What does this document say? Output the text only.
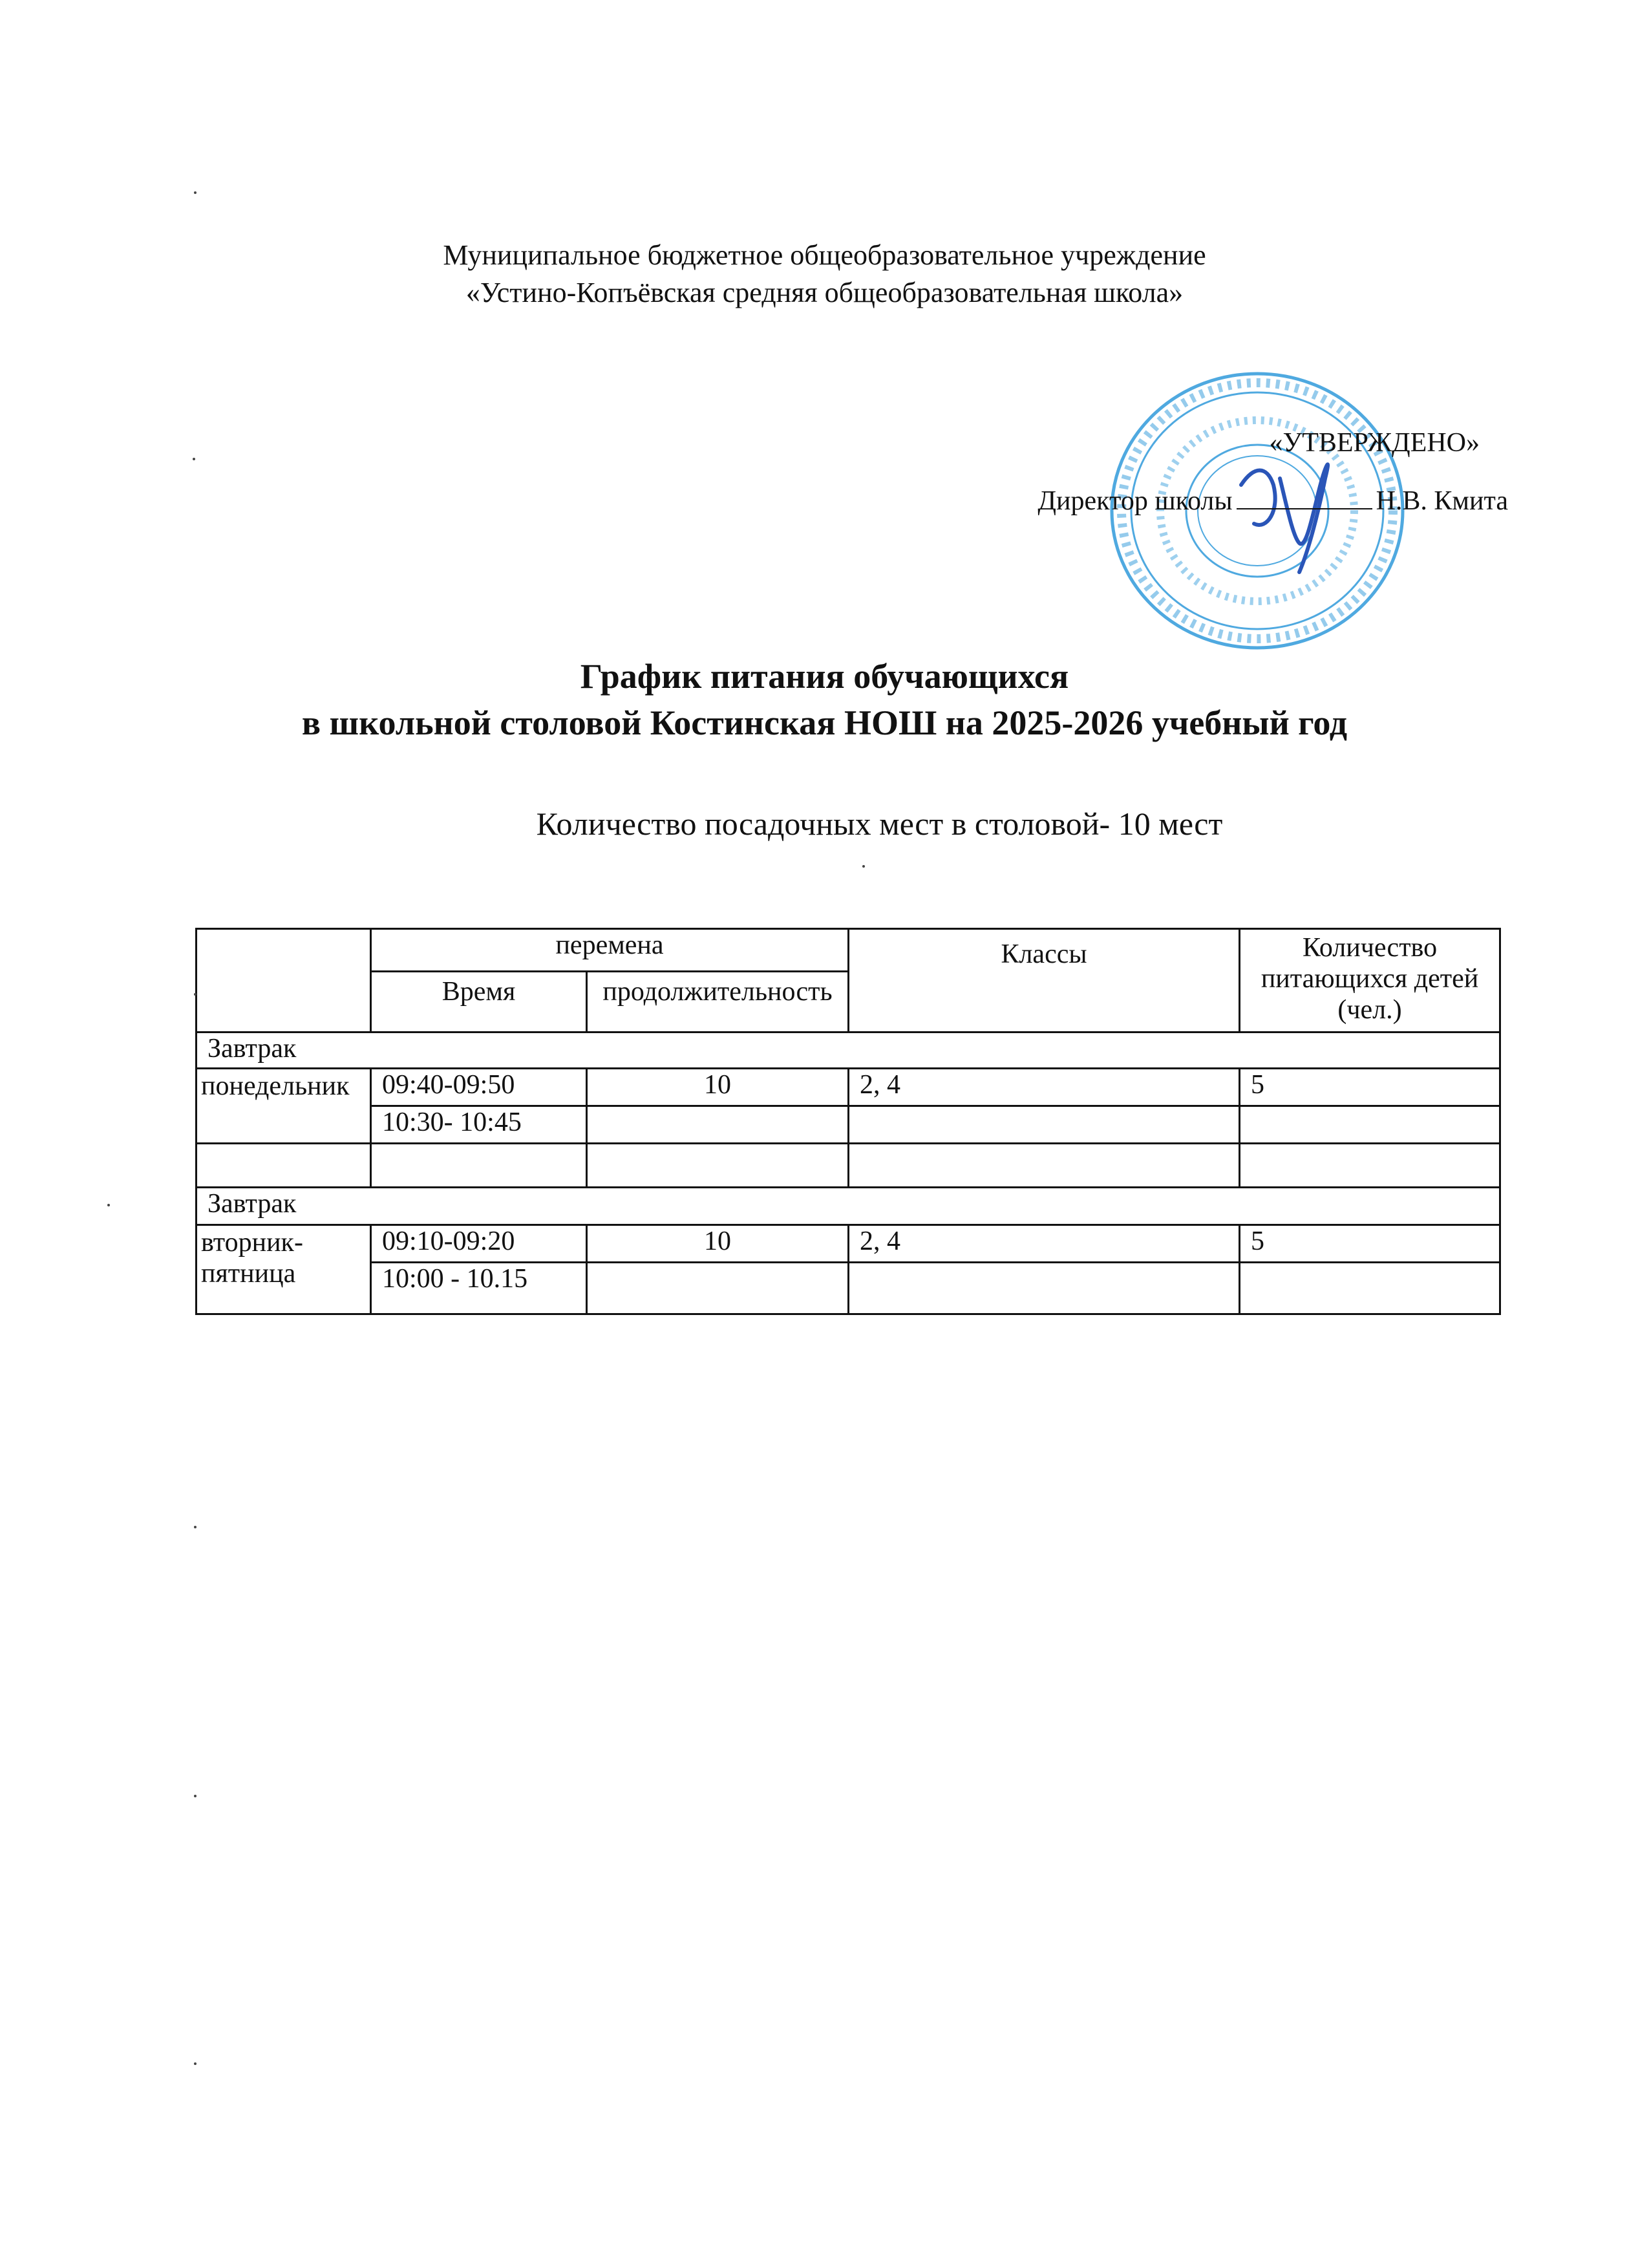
Муниципальное бюджетное общеобразовательное учреждение
«Устино-Копъёвская средняя общеобразовательная школа»
«УТВЕРЖДЕНО»
Директор школы	Н.В. Кмита
График питания обучающихся
в школьной столовой Костинская НОШ на 2025-2026 учебный год
Количество посадочных мест в столовой- 10 мест
	перемена		Классы	Количество питающихся детей (чел.)
	Время	продолжительность		
Завтрак				
понедельник	09:40-09:50	10	2, 4	5
	10:30- 10:45			

Завтрак				
вторник-пятница	09:10-09:20	10	2, 4	5
	10:00 - 10.15			
